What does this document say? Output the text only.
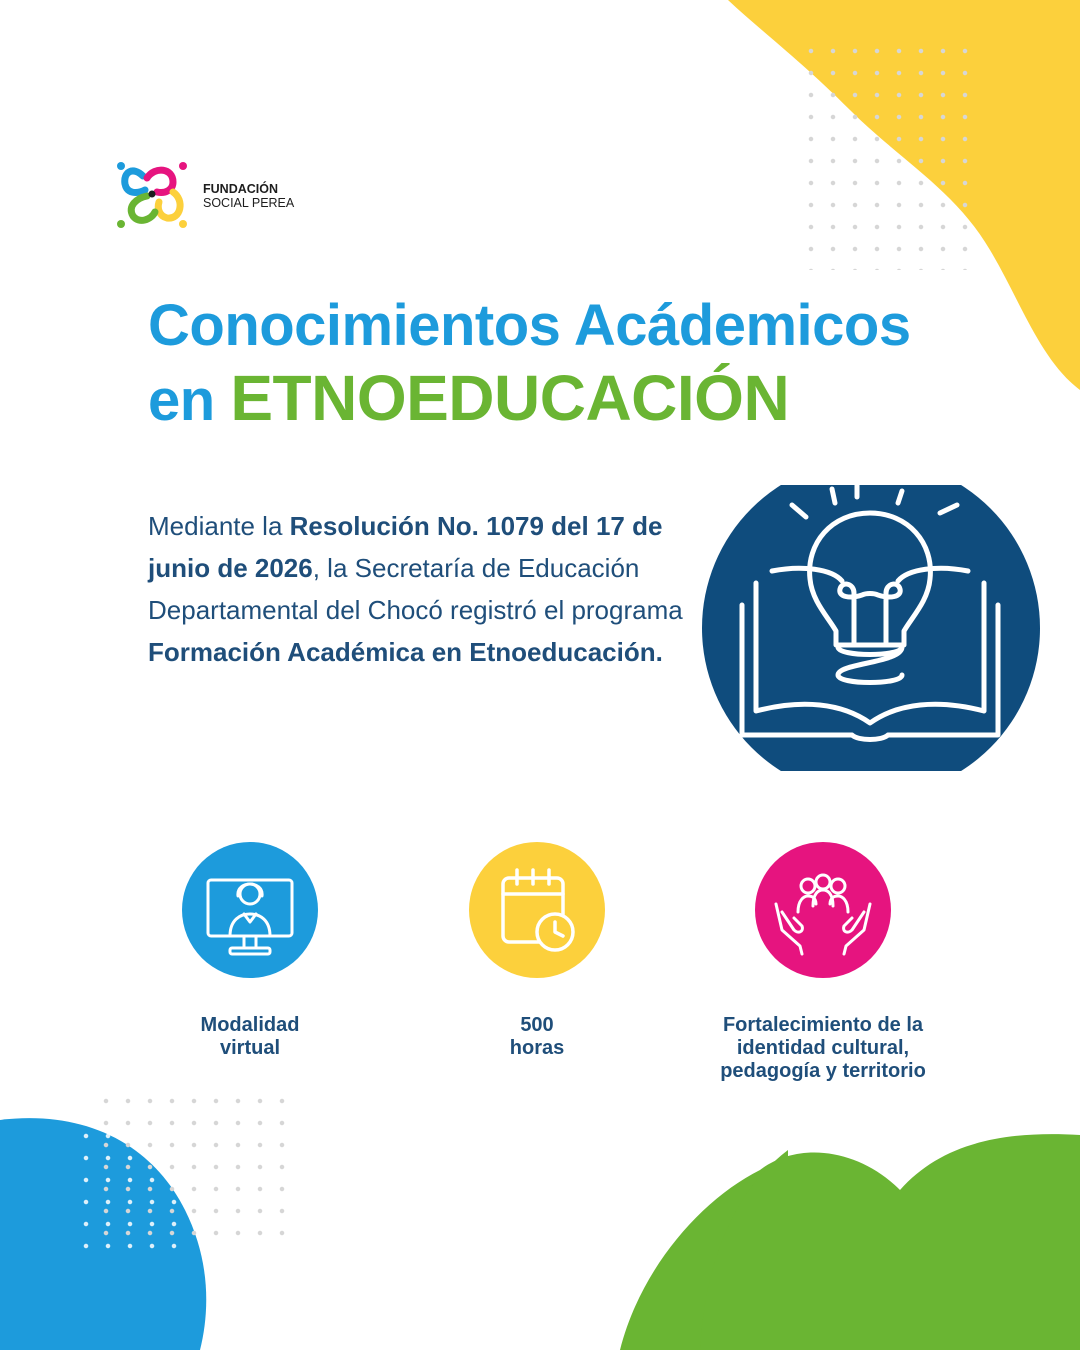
FUNDACIÓN
SOCIAL PEREA
Conocimientos Acádemicos
en ETNOEDUCACIÓN
Mediante la Resolución No. 1079 del 17 de junio de 2026, la Secretaría de Educación Departamental del Chocó registró el programa Formación Académica en Etnoeducación.
Modalidad
virtual
500
horas
Fortalecimiento de la
identidad cultural,
pedagogía y territorio
